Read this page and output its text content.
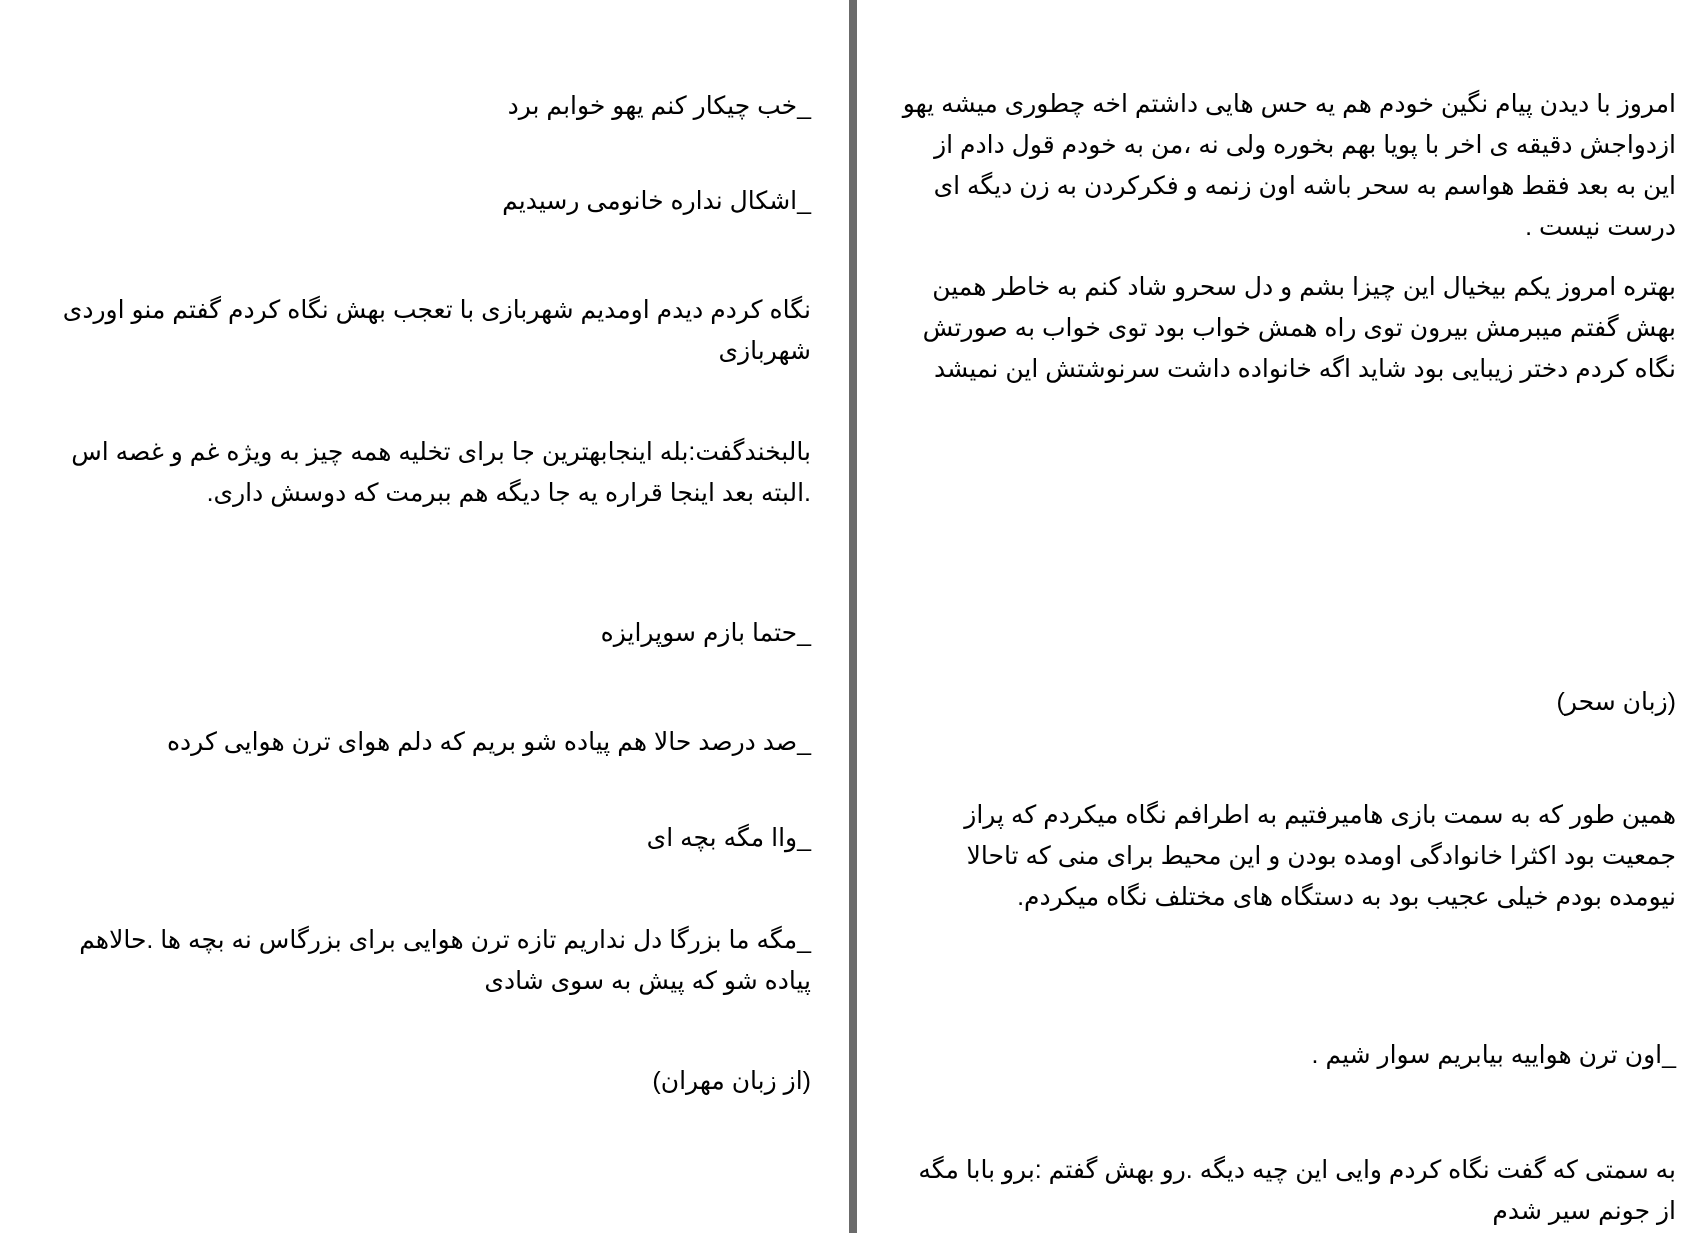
_خب چیکار کنم یهو خوابم برد

_اشکال نداره خانومی رسیدیم

نگاه کردم دیدم اومدیم شهربازی با تعجب بهش نگاه کردم گفتم منو اوردی شهربازی

بالبخندگفت:بله اینجابهترین جا برای تخلیه همه چیز به ویژه غم و غصه اس .البته بعد اینجا قراره یه جا دیگه هم ببرمت که دوسش داری.

_حتما بازم سوپرایزه

_صد درصد حالا هم پیاده شو بریم که دلم هوای ترن هوایی کرده

_واا مگه بچه ای

_مگه ما بزرگا دل نداریم تازه ترن هوایی برای بزرگاس نه بچه ها .حالاهم پیاده شو که پیش به سوی شادی

(از زبان مهران)

امروز با دیدن پیام نگین خودم هم یه حس هایی داشتم اخه چطوری میشه یهو ازدواجش دقیقه ی اخر با پویا بهم بخوره ولی نه ،من به خودم قول دادم از این به بعد فقط هواسم به سحر باشه اون زنمه و فکرکردن به زن دیگه ای درست نیست .

بهتره امروز یکم بیخیال این چیزا بشم و دل سحرو شاد کنم به خاطر همین بهش گفتم میبرمش بیرون توی راه همش خواب بود توی خواب به صورتش نگاه کردم دختر زیبایی بود شاید اگه خانواده داشت سرنوشتش این نمیشد

(زبان سحر)

همین طور که به سمت بازی هامیرفتیم به اطرافم نگاه میکردم که پراز جمعیت بود اکثرا خانوادگی اومده بودن و این محیط برای منی که تاحالا نیومده بودم خیلی عجیب بود به دستگاه های مختلف نگاه میکردم.

_اون ترن هواییه بیابریم سوار شیم .

به سمتی که گفت نگاه کردم وایی این چیه دیگه .رو بهش گفتم :برو بابا مگه از جونم سیر شدم
